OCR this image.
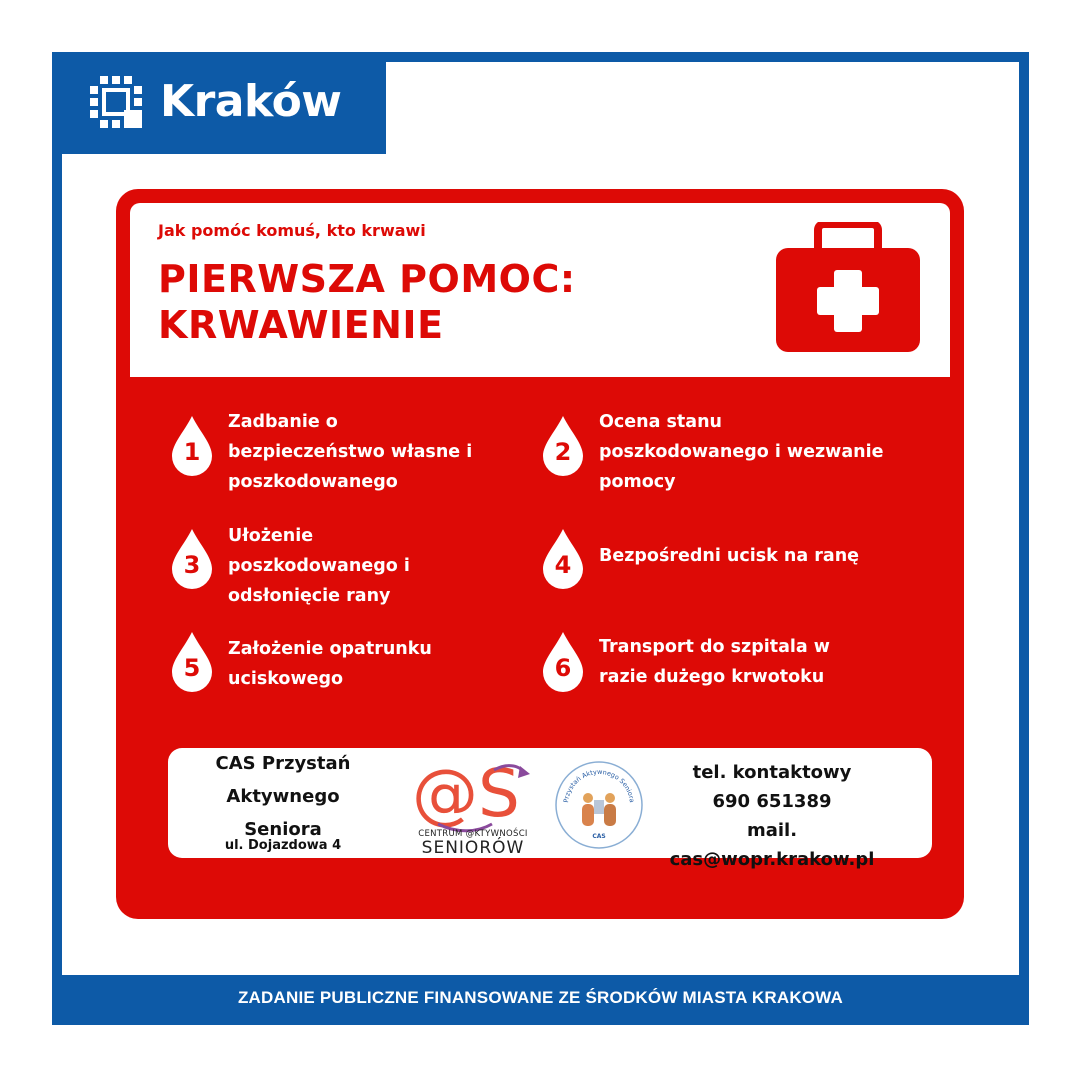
Kraków
Jak pomóc komuś, kto krwawi
PIERWSZA POMOC:
KRWAWIENIE
1
Zadbanie o
bezpieczeństwo własne i
poszkodowanego
2
Ocena stanu
poszkodowanego i wezwanie
pomocy
3
Ułożenie
poszkodowanego i
odsłonięcie rany
4	Bezpośredni ucisk na ranę
5
Założenie opatrunku
uciskowego	6
Transport do szpitala w
razie dużego krwotoku
CAS Przystań
Aktywnego
Seniora
ul. Dojazdowa 4
@S
CENTRUM @KTYWNOŚCI
SENIORÓW
Przystań Aktywnego Seniora
CAS
tel. kontaktowy
690 651389
mail. cas@wopr.krakow.pl
ZADANIE PUBLICZNE FINANSOWANE ZE ŚRODKÓW MIASTA KRAKOWA
